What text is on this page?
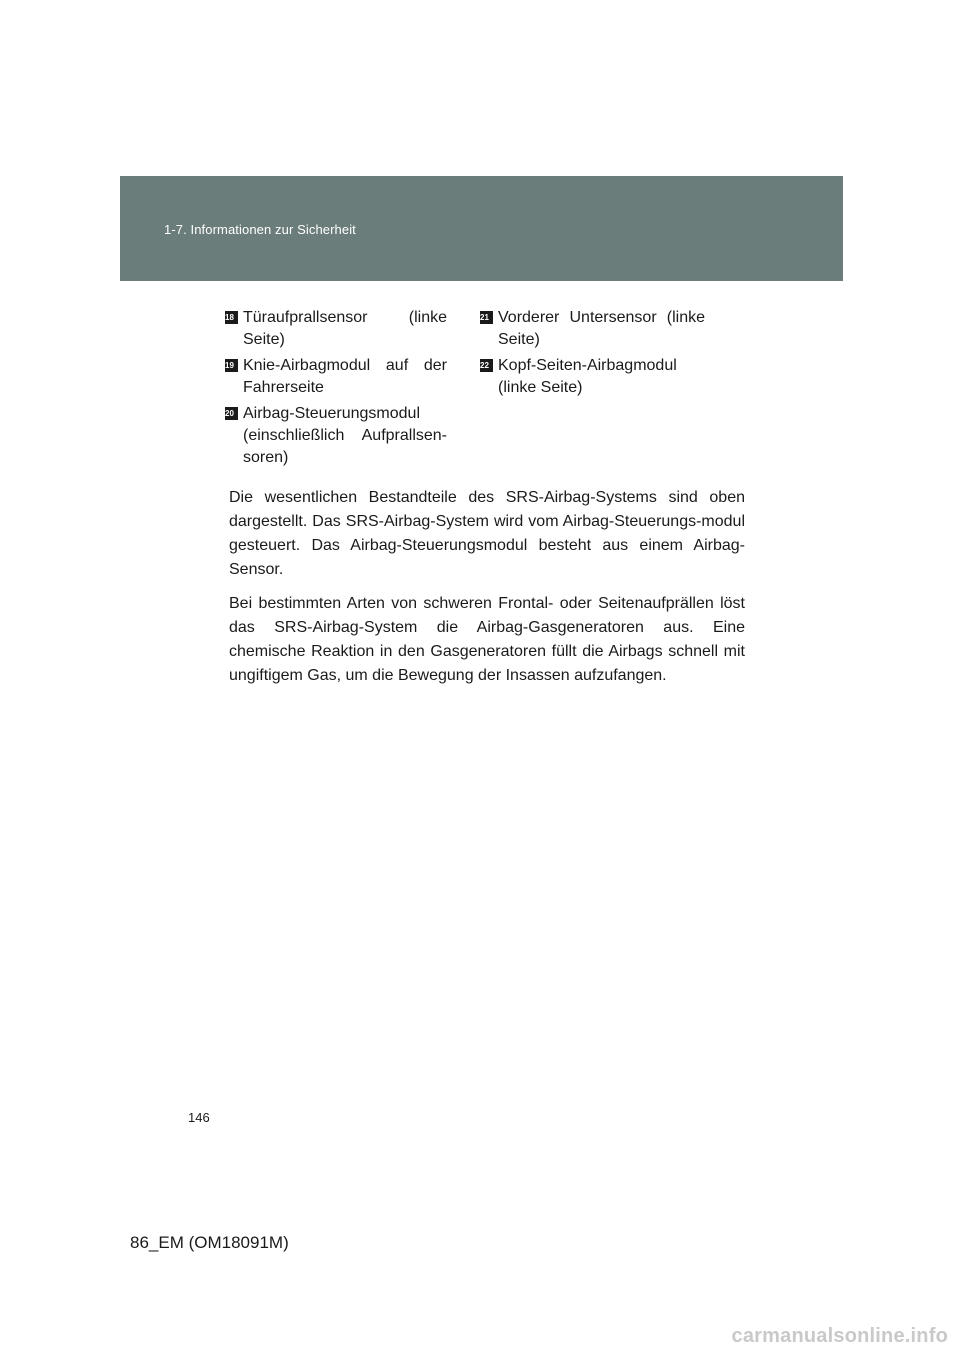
1-7. Informationen zur Sicherheit
18 Türaufprallsensor (linke Seite)
19 Knie-Airbagmodul auf der Fahrerseite
20 Airbag-Steuerungsmodul (einschließlich Aufprallsen-soren)
21 Vorderer Untersensor (linke Seite)
22 Kopf-Seiten-Airbagmodul (linke Seite)

Die wesentlichen Bestandteile des SRS-Airbag-Systems sind oben dargestellt. Das SRS-Airbag-System wird vom Airbag-Steuerungs-modul gesteuert. Das Airbag-Steuerungsmodul besteht aus einem Airbag-Sensor.

Bei bestimmten Arten von schweren Frontal- oder Seitenaufprällen löst das SRS-Airbag-System die Airbag-Gasgeneratoren aus. Eine chemische Reaktion in den Gasgeneratoren füllt die Airbags schnell mit ungiftigem Gas, um die Bewegung der Insassen aufzufangen.

146
86_EM (OM18091M)
carmanualsonline.info
